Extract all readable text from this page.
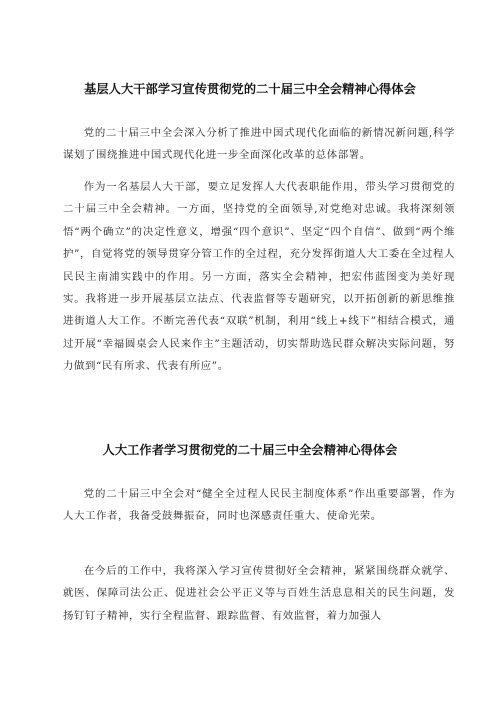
基层人大干部学习宣传贯彻党的二十届三中全会精神心得体会

党的二十届三中全会深入分析了推进中国式现代化面临的新情况新问题,科学谋划了围绕推进中国式现代化进一步全面深化改革的总体部署。

作为一名基层人大干部，要立足发挥人大代表职能作用，带头学习贯彻党的二十届三中全会精神。一方面，坚持党的全面领导,对党绝对忠诚。我将深刻领悟“两个确立”的决定性意义，增强“四个意识”、坚定“四个自信”、做到“两个维护”，自觉将党的领导贯穿分管工作的全过程，充分发挥街道人大工委在全过程人民民主南浦实践中的作用。另一方面，落实全会精神，把宏伟蓝图变为美好现实。我将进一步开展基层立法点、代表监督等专题研究，以开拓创新的新思维推进街道人大工作。不断完善代表“双联”机制，利用“线上+线下”相结合模式，通过开展“幸福圆桌会人民来作主”主题活动，切实帮助选民群众解决实际问题，努力做到“民有所求、代表有所应”。

人大工作者学习贯彻党的二十届三中全会精神心得体会

党的二十届三中全会对“健全全过程人民民主制度体系”作出重要部署，作为人大工作者，我备受鼓舞振奋，同时也深感责任重大、使命光荣。

在今后的工作中，我将深入学习宣传贯彻好全会精神，紧紧围绕群众就学、就医、保障司法公正、促进社会公平正义等与百姓生活息息相关的民生问题，发扬钉钉子精神，实行全程监督、跟踪监督、有效监督，着力加强人
